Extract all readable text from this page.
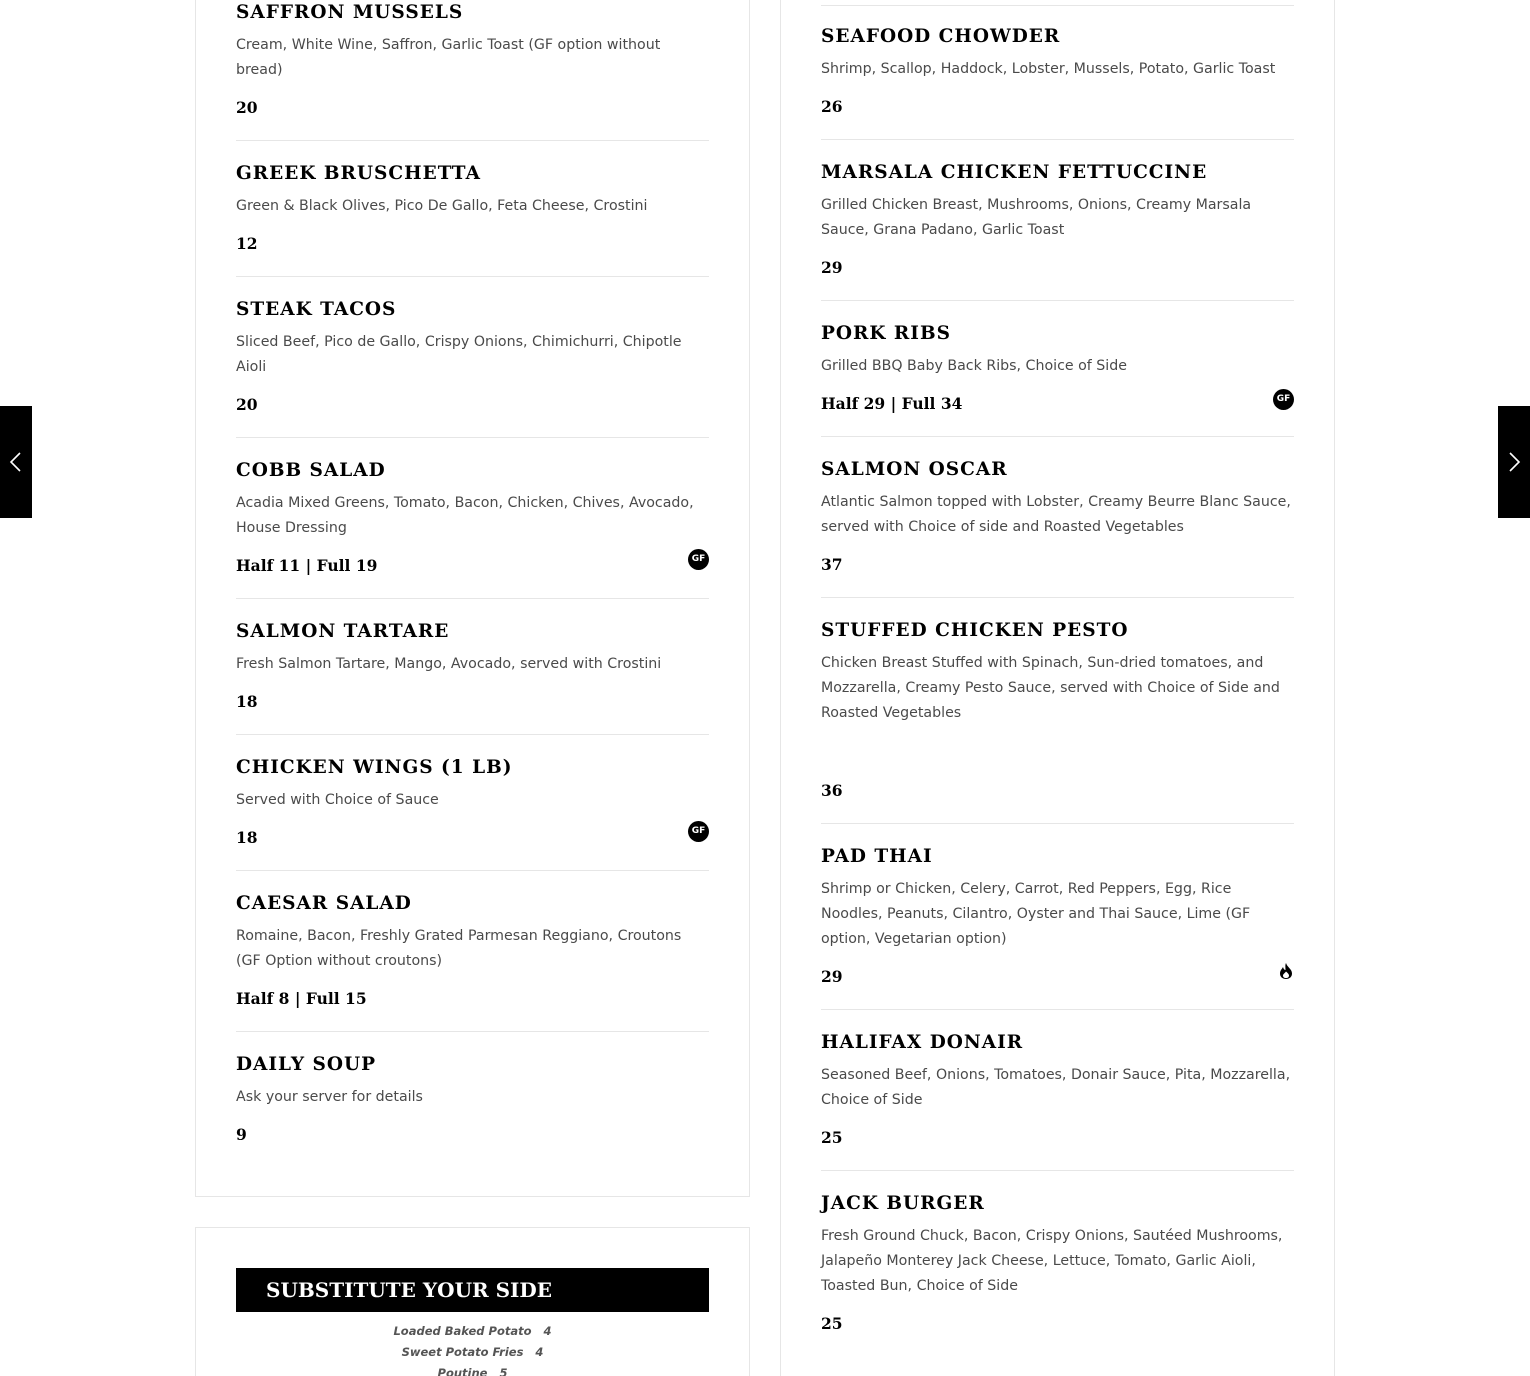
SAFFRON MUSSELS
Cream, White Wine, Saffron, Garlic Toast (GF option without bread)
20
GREEK BRUSCHETTA
Green & Black Olives, Pico De Gallo, Feta Cheese, Crostini
12
STEAK TACOS
Sliced Beef, Pico de Gallo, Crispy Onions, Chimichurri, Chipotle Aioli
20
COBB SALAD
Acadia Mixed Greens, Tomato, Bacon, Chicken, Chives, Avocado, House Dressing
Half 11 | Full 19	GF
SALMON TARTARE
Fresh Salmon Tartare, Mango, Avocado, served with Crostini
18
CHICKEN WINGS (1 LB)
Served with Choice of Sauce
18	GF
CAESAR SALAD
Romaine, Bacon, Freshly Grated Parmesan Reggiano, Croutons (GF Option without croutons)
Half 8 | Full 15
DAILY SOUP
Ask your server for details
9
SEAFOOD CHOWDER
Shrimp, Scallop, Haddock, Lobster, Mussels, Potato, Garlic Toast
26
MARSALA CHICKEN FETTUCCINE
Grilled Chicken Breast, Mushrooms, Onions, Creamy Marsala Sauce, Grana Padano, Garlic Toast
29
PORK RIBS
Grilled BBQ Baby Back Ribs, Choice of Side
Half 29 | Full 34	GF
SALMON OSCAR
Atlantic Salmon topped with Lobster, Creamy Beurre Blanc Sauce, served with Choice of side and Roasted Vegetables
37
STUFFED CHICKEN PESTO
Chicken Breast Stuffed with Spinach, Sun-dried tomatoes, and Mozzarella, Creamy Pesto Sauce, served with Choice of Side and Roasted Vegetables
36
PAD THAI
Shrimp or Chicken, Celery, Carrot, Red Peppers, Egg, Rice Noodles, Peanuts, Cilantro, Oyster and Thai Sauce, Lime (GF option, Vegetarian option)
29
HALIFAX DONAIR
Seasoned Beef, Onions, Tomatoes, Donair Sauce, Pita, Mozzarella, Choice of Side
25
JACK BURGER
Fresh Ground Chuck, Bacon, Crispy Onions, Sautéed Mushrooms, Jalapeño Monterey Jack Cheese, Lettuce, Tomato, Garlic Aioli, Toasted Bun, Choice of Side
25
SUBSTITUTE YOUR SIDE
Loaded Baked Potato 4
Sweet Potato Fries 4
Poutine 5
